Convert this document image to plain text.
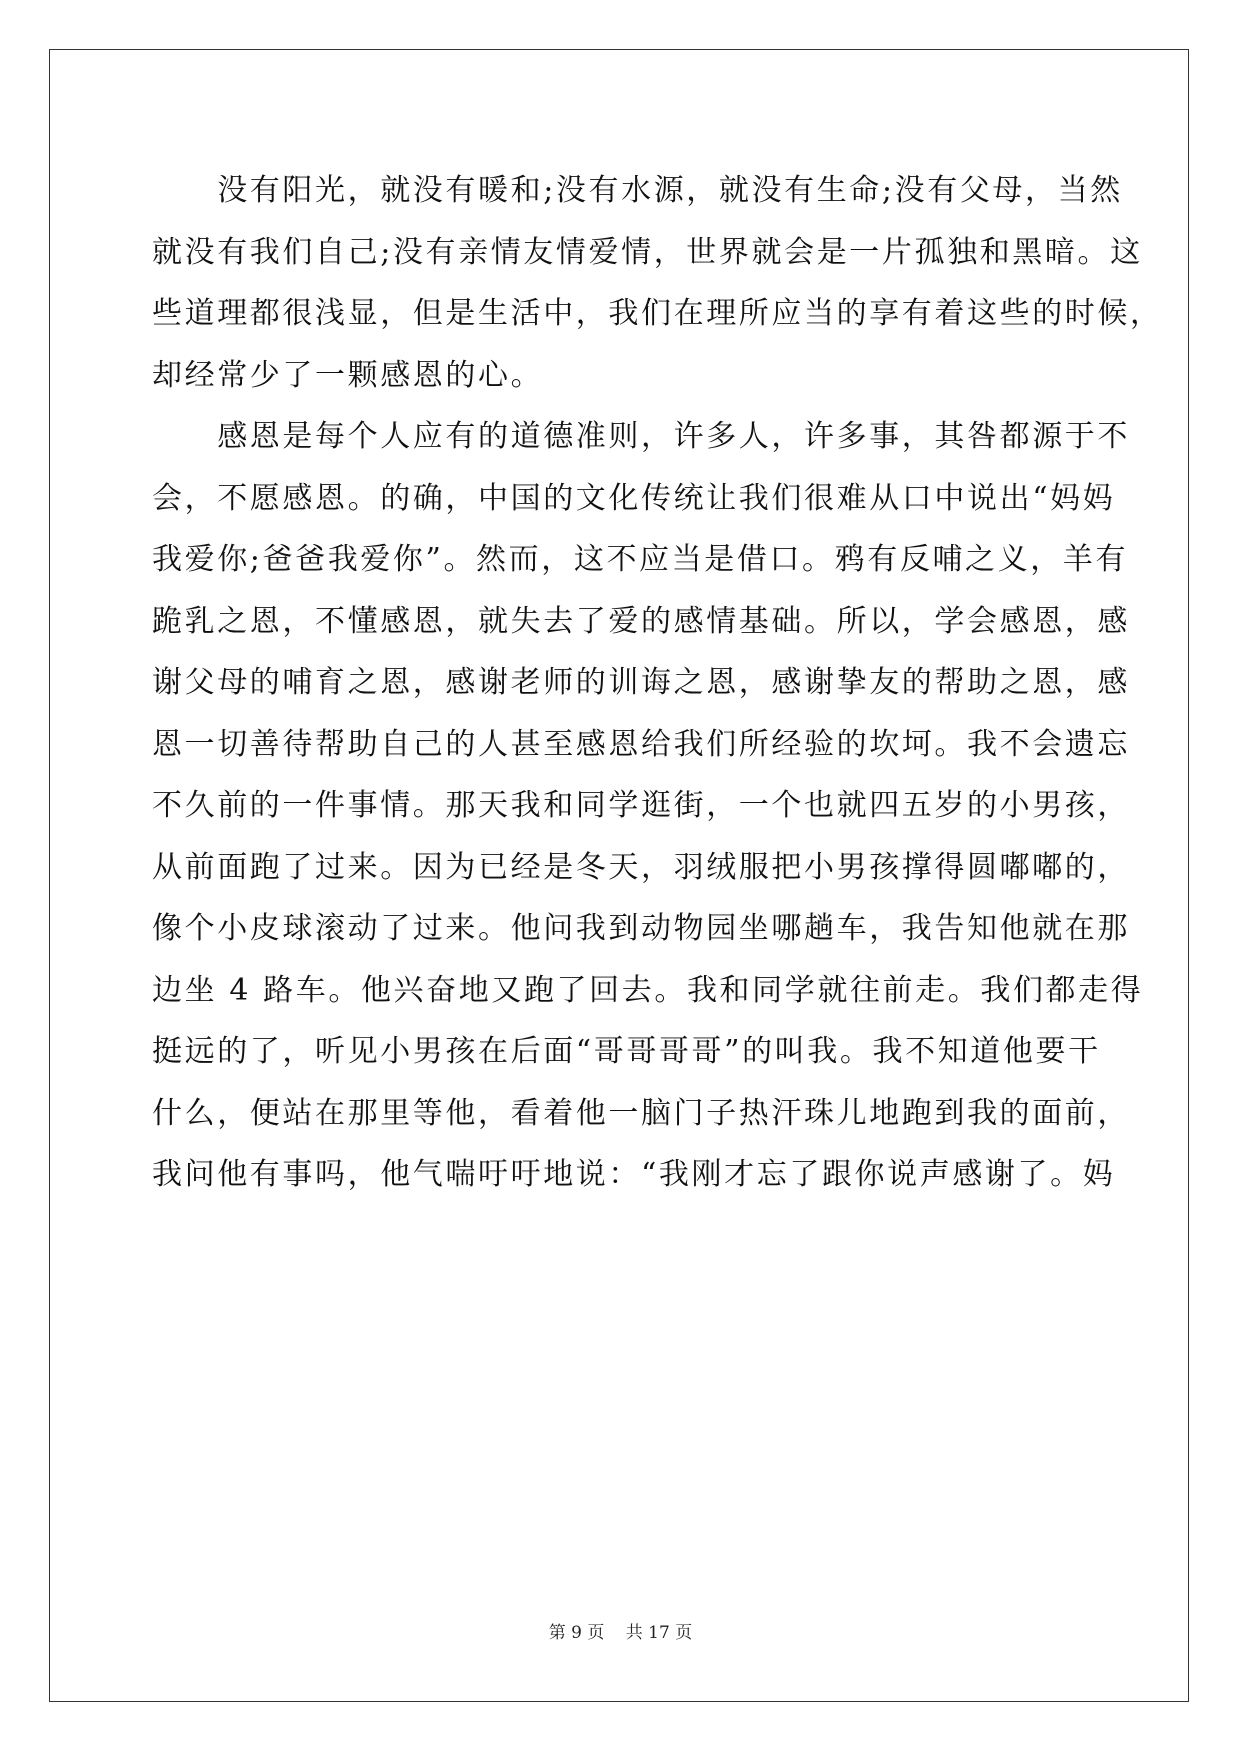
　　没有阳光，就没有暖和;没有水源，就没有生命;没有父母，当然
就没有我们自己;没有亲情友情爱情，世界就会是一片孤独和黑暗。这
些道理都很浅显，但是生活中，我们在理所应当的享有着这些的时候，
却经常少了一颗感恩的心。
　　感恩是每个人应有的道德准则，许多人，许多事，其咎都源于不
会，不愿感恩。的确，中国的文化传统让我们很难从口中说出“妈妈
我爱你;爸爸我爱你”。然而，这不应当是借口。鸦有反哺之义，羊有
跪乳之恩，不懂感恩，就失去了爱的感情基础。所以，学会感恩，感
谢父母的哺育之恩，感谢老师的训诲之恩，感谢挚友的帮助之恩，感
恩一切善待帮助自己的人甚至感恩给我们所经验的坎坷。我不会遗忘
不久前的一件事情。那天我和同学逛街，一个也就四五岁的小男孩，
从前面跑了过来。因为已经是冬天，羽绒服把小男孩撑得圆嘟嘟的，
像个小皮球滚动了过来。他问我到动物园坐哪趟车，我告知他就在那
边坐 4 路车。他兴奋地又跑了回去。我和同学就往前走。我们都走得
挺远的了，听见小男孩在后面“哥哥哥哥”的叫我。我不知道他要干
什么，便站在那里等他，看着他一脑门子热汗珠儿地跑到我的面前，
我问他有事吗，他气喘吁吁地说：“我刚才忘了跟你说声感谢了。妈
第 9 页 共 17 页
